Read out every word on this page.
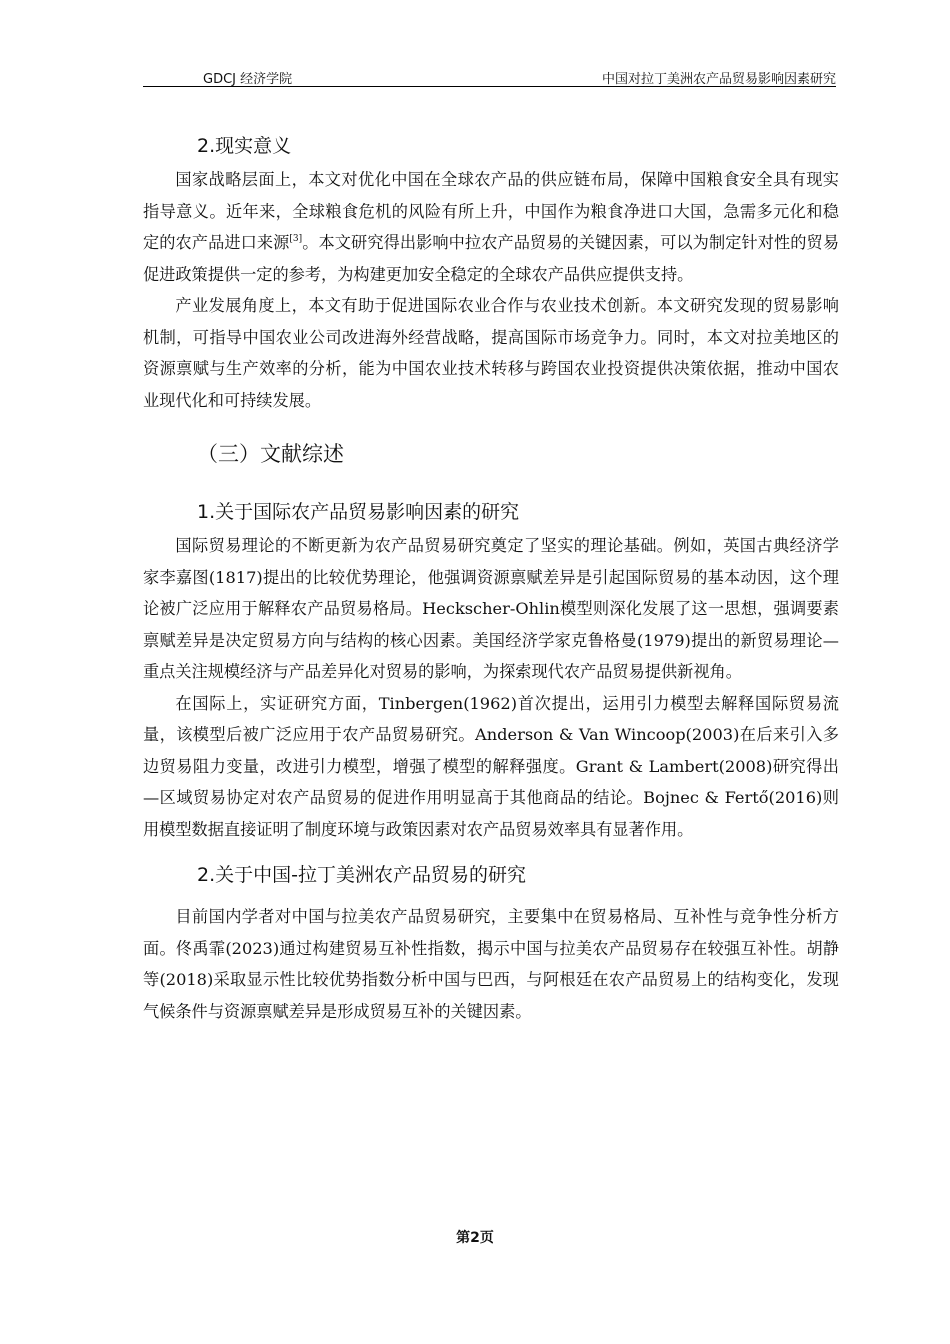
GDCJ 经济学院	中国对拉丁美洲农产品贸易影响因素研究
2.现实意义

国家战略层面上，本文对优化中国在全球农产品的供应链布局，保障中国粮食安全具有现实指导意义。近年来，全球粮食危机的风险有所上升，中国作为粮食净进口大国，急需多元化和稳定的农产品进口来源[3]。本文研究得出影响中拉农产品贸易的关键因素，可以为制定针对性的贸易促进政策提供一定的参考，为构建更加安全稳定的全球农产品供应提供支持。

产业发展角度上，本文有助于促进国际农业合作与农业技术创新。本文研究发现的贸易影响机制，可指导中国农业公司改进海外经营战略，提高国际市场竞争力。同时，本文对拉美地区的资源禀赋与生产效率的分析，能为中国农业技术转移与跨国农业投资提供决策依据，推动中国农业现代化和可持续发展。

（三）文献综述
1.关于国际农产品贸易影响因素的研究

国际贸易理论的不断更新为农产品贸易研究奠定了坚实的理论基础。例如，英国古典经济学家李嘉图(1817)提出的比较优势理论，他强调资源禀赋差异是引起国际贸易的基本动因，这个理论被广泛应用于解释农产品贸易格局。Heckscher-Ohlin模型则深化发展了这一思想，强调要素禀赋差异是决定贸易方向与结构的核心因素。美国经济学家克鲁格曼(1979)提出的新贸易理论—重点关注规模经济与产品差异化对贸易的影响，为探索现代农产品贸易提供新视角。

在国际上，实证研究方面，Tinbergen(1962)首次提出，运用引力模型去解释国际贸易流量，该模型后被广泛应用于农产品贸易研究。Anderson & Van Wincoop(2003)在后来引入多边贸易阻力变量，改进引力模型，增强了模型的解释强度。Grant & Lambert(2008)研究得出—区域贸易协定对农产品贸易的促进作用明显高于其他商品的结论。Bojnec & Fertő(2016)则用模型数据直接证明了制度环境与政策因素对农产品贸易效率具有显著作用。

2.关于中国-拉丁美洲农产品贸易的研究

目前国内学者对中国与拉美农产品贸易研究，主要集中在贸易格局、互补性与竞争性分析方面。佟禹霏(2023)通过构建贸易互补性指数，揭示中国与拉美农产品贸易存在较强互补性。胡静等(2018)采取显示性比较优势指数分析中国与巴西，与阿根廷在农产品贸易上的结构变化，发现气候条件与资源禀赋差异是形成贸易互补的关键因素。

第2页
